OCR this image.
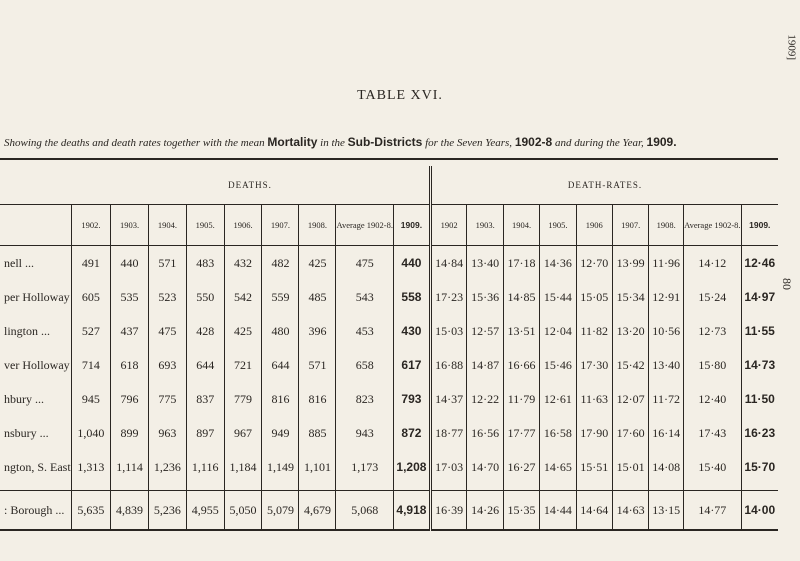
1909]
80
TABLE XVI.
Showing the deaths and death rates together with the mean Mortality in the Sub-Districts for the Seven Years, 1902-8 and during the Year, 1909.

	DEATHS.									DEATH-RATES.								
	1902.	1903.	1904.	1905.	1906.	1907.	1908.	Average 1902-8.	1909.	1902	1903.	1904.	1905.	1906	1907.	1908.	Average 1902-8.	1909.
nell ...	491	440	571	483	432	482	425	475	440	14·84	13·40	17·18	14·36	12·70	13·99	11·96	14·12	12·46
per Holloway	605	535	523	550	542	559	485	543	558	17·23	15·36	14·85	15·44	15·05	15·34	12·91	15·24	14·97
lington ...	527	437	475	428	425	480	396	453	430	15·03	12·57	13·51	12·04	11·82	13·20	10·56	12·73	11·55
ver Holloway	714	618	693	644	721	644	571	658	617	16·88	14·87	16·66	15·46	17·30	15·42	13·40	15·80	14·73
hbury ...	945	796	775	837	779	816	816	823	793	14·37	12·22	11·79	12·61	11·63	12·07	11·72	12·40	11·50
nsbury ...	1,040	899	963	897	967	949	885	943	872	18·77	16·56	17·77	16·58	17·90	17·60	16·14	17·43	16·23
ngton, S. East	1,313	1,114	1,236	1,116	1,184	1,149	1,101	1,173	1,208	17·03	14·70	16·27	14·65	15·51	15·01	14·08	15·40	15·70

: Borough ...	5,635	4,839	5,236	4,955	5,050	5,079	4,679	5,068	4,918	16·39	14·26	15·35	14·44	14·64	14·63	13·15	14·77	14·00
